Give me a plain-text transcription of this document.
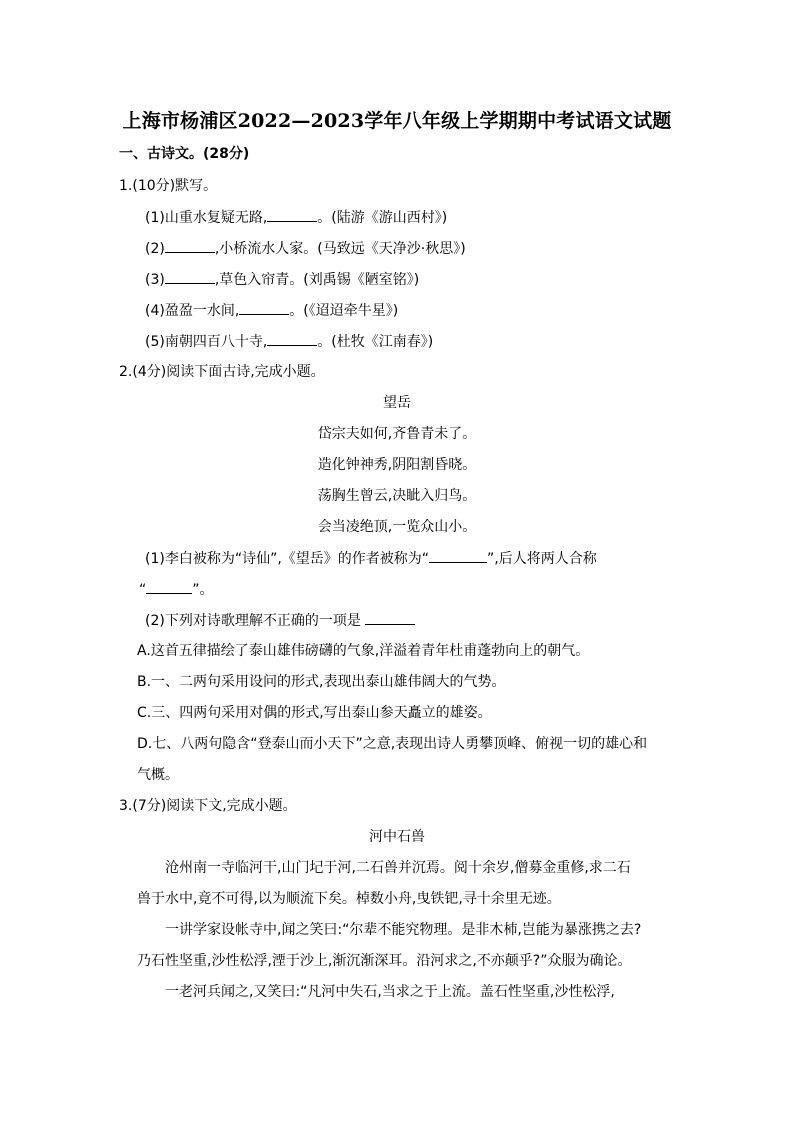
上海市杨浦区2022—2023学年八年级上学期期中考试语文试题
一、古诗文。(28分)
1.(10分)默写。
(1)山重水复疑无路,	。(陆游《游山西村》)
(2)	,小桥流水人家。(马致远《天净沙·秋思》)
(3)	,草色入帘青。(刘禹锡《陋室铭》)
(4)盈盈一水间,	。(《迢迢牵牛星》)
(5)南朝四百八十寺,	。(杜牧《江南春》)
2.(4分)阅读下面古诗,完成小题。
望岳
岱宗夫如何,齐鲁青未了。
造化钟神秀,阴阳割昏晓。
荡胸生曾云,决眦入归鸟。
会当凌绝顶,一览众山小。
(1)李白被称为“诗仙”,《望岳》的作者被称为“	”,后人将两人合称
“	”。
(2)下列对诗歌理解不正确的一项是
A.这首五律描绘了泰山雄伟磅礴的气象,洋溢着青年杜甫蓬勃向上的朝气。
B.一、二两句采用设问的形式,表现出泰山雄伟阔大的气势。
C.三、四两句采用对偶的形式,写出泰山参天矗立的雄姿。
D.七、八两句隐含“登泰山而小天下”之意,表现出诗人勇攀顶峰、俯视一切的雄心和
气概。
3.(7分)阅读下文,完成小题。
河中石兽
沧州南一寺临河干,山门圮于河,二石兽并沉焉。阅十余岁,僧募金重修,求二石
兽于水中,竟不可得,以为顺流下矣。棹数小舟,曳铁钯,寻十余里无迹。
一讲学家设帐寺中,闻之笑曰:“尔辈不能究物理。是非木杮,岂能为暴涨携之去?
乃石性坚重,沙性松浮,湮于沙上,渐沉渐深耳。沿河求之,不亦颠乎?”众服为确论。
一老河兵闻之,又笑曰:“凡河中失石,当求之于上流。盖石性坚重,沙性松浮,
